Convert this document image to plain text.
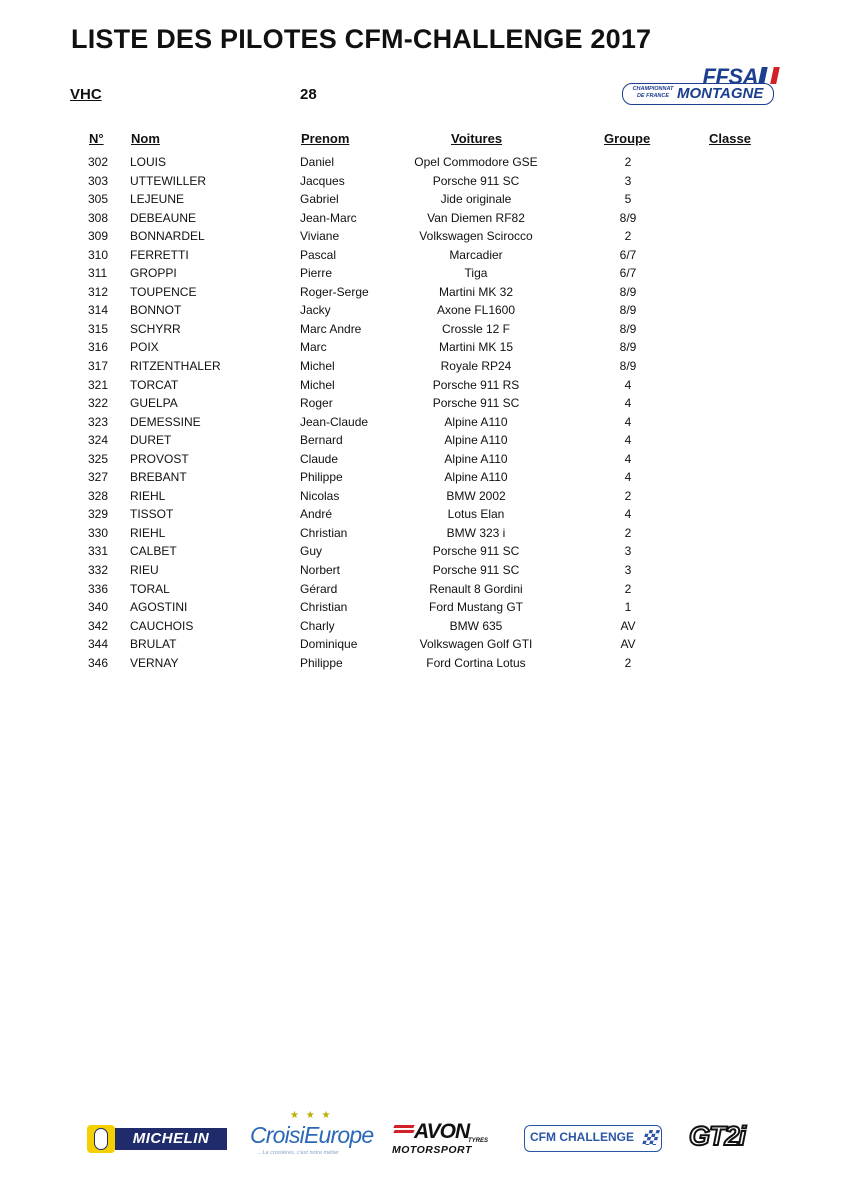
LISTE DES PILOTES CFM-CHALLENGE 2017
VHC	28
FFSA
CHAMPIONNAT DE FRANCE MONTAGNE
N° Nom	Prenom	Voitures	Groupe	Classe
302 LOUIS	Daniel	Opel Commodore GSE	2
303 UTTEWILLER	Jacques	Porsche 911 SC	3
305 LEJEUNE	Gabriel	Jide originale	5
308 DEBEAUNE	Jean-Marc	Van Diemen RF82	8/9
309 BONNARDEL	Viviane	Volkswagen Scirocco	2
310 FERRETTI	Pascal	Marcadier	6/7
311 GROPPI	Pierre	Tiga	6/7
312 TOUPENCE	Roger-Serge	Martini MK 32	8/9
314 BONNOT	Jacky	Axone FL1600	8/9
315 SCHYRR	Marc Andre	Crossle 12 F	8/9
316 POIX	Marc	Martini MK 15	8/9
317 RITZENTHALER	Michel	Royale RP24	8/9
321 TORCAT	Michel	Porsche 911 RS	4
322 GUELPA	Roger	Porsche 911 SC	4
323 DEMESSINE	Jean-Claude	Alpine A110	4
324 DURET	Bernard	Alpine A110	4
325 PROVOST	Claude	Alpine A110	4
327 BREBANT	Philippe	Alpine A110	4
328 RIEHL	Nicolas	BMW 2002	2
329 TISSOT	André	Lotus Elan	4
330 RIEHL	Christian	BMW 323 i	2
331 CALBET	Guy	Porsche 911 SC	3
332 RIEU	Norbert	Porsche 911 SC	3
336 TORAL	Gérard	Renault 8 Gordini	2
340 AGOSTINI	Christian	Ford Mustang GT	1
342 CAUCHOIS	Charly	BMW 635	AV
344 BRULAT	Dominique	Volkswagen Golf GTI	AV
346 VERNAY	Philippe	Ford Cortina Lotus	2
MICHELIN
★ ★ ★
CroisiEurope
...Le croisières, c'est notre métier
AVON
TYRES
MOTORSPORT
CFM CHALLENGE GT2i
